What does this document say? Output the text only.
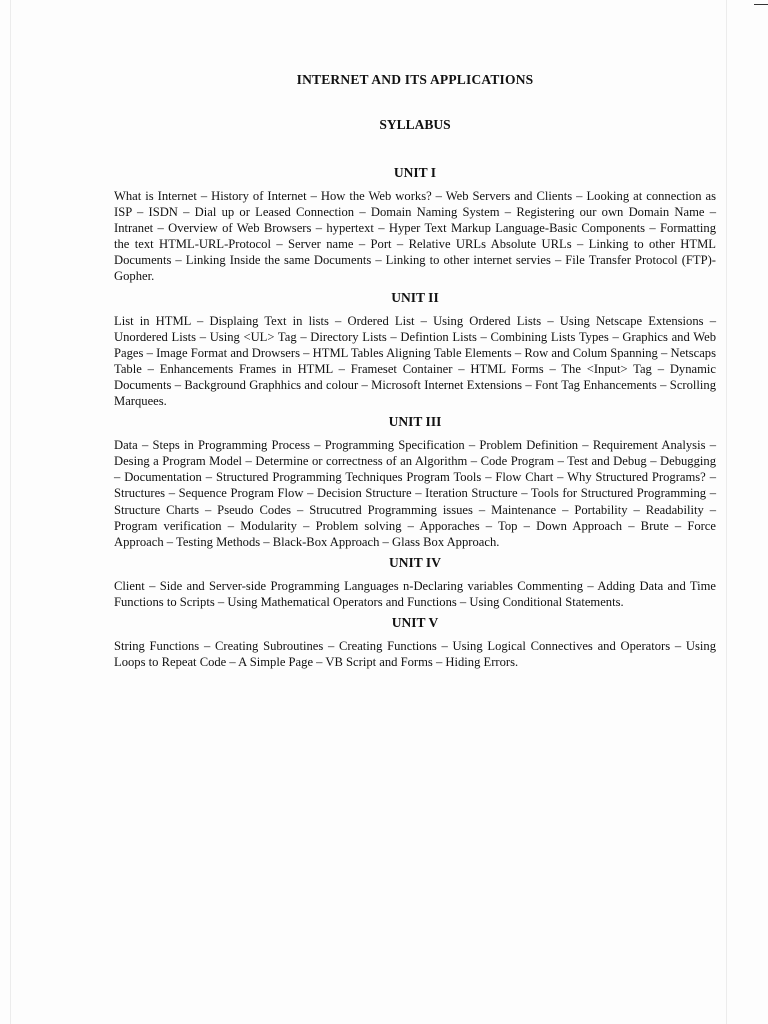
INTERNET AND ITS APPLICATIONS
SYLLABUS
UNIT I

What is Internet – History of Internet – How the Web works? – Web Servers and Clients – Looking at connection as ISP – ISDN – Dial up or Leased Connection – Domain Naming System – Registering our own Domain Name – Intranet – Overview of Web Browsers – hypertext – Hyper Text Markup Language-Basic Components – Formatting the text HTML-URL-Protocol – Server name – Port – Relative URLs Absolute URLs – Linking to other HTML Documents – Linking Inside the same Documents – Linking to other internet servies – File Transfer Protocol (FTP)-Gopher.

UNIT II

List in HTML – Displaing Text in lists – Ordered List – Using Ordered Lists – Using Netscape Extensions – Unordered Lists – Using <UL> Tag – Directory Lists – Defintion Lists – Combining Lists Types – Graphics and Web Pages – Image Format and Drowsers – HTML Tables Aligning Table Elements – Row and Colum Spanning – Netscaps Table – Enhancements Frames in HTML – Frameset Container – HTML Forms – The <Input> Tag – Dynamic Documents – Background Graphhics and colour – Microsoft Internet Extensions – Font Tag Enhancements – Scrolling Marquees.

UNIT III

Data – Steps in Programming Process – Programming Specification – Problem Definition – Requirement Analysis – Desing a Program Model – Determine or correctness of an Algorithm – Code Program – Test and Debug – Debugging – Documentation – Structured Programming Techniques Program Tools – Flow Chart – Why Structured Programs? – Structures – Sequence Program Flow – Decision Structure – Iteration Structure – Tools for Structured Programming – Structure Charts – Pseudo Codes – Strucutred Programming issues – Maintenance – Portability – Readability – Program verification – Modularity – Problem solving – Apporaches – Top – Down Approach – Brute – Force Approach – Testing Methods – Black-Box Approach – Glass Box Approach.

UNIT IV

Client – Side and Server-side Programming Languages n-Declaring variables Commenting – Adding Data and Time Functions to Scripts – Using Mathematical Operators and Functions – Using Conditional Statements.

UNIT V

String Functions – Creating Subroutines – Creating Functions – Using Logical Connectives and Operators – Using Loops to Repeat Code – A Simple Page – VB Script and Forms – Hiding Errors.
